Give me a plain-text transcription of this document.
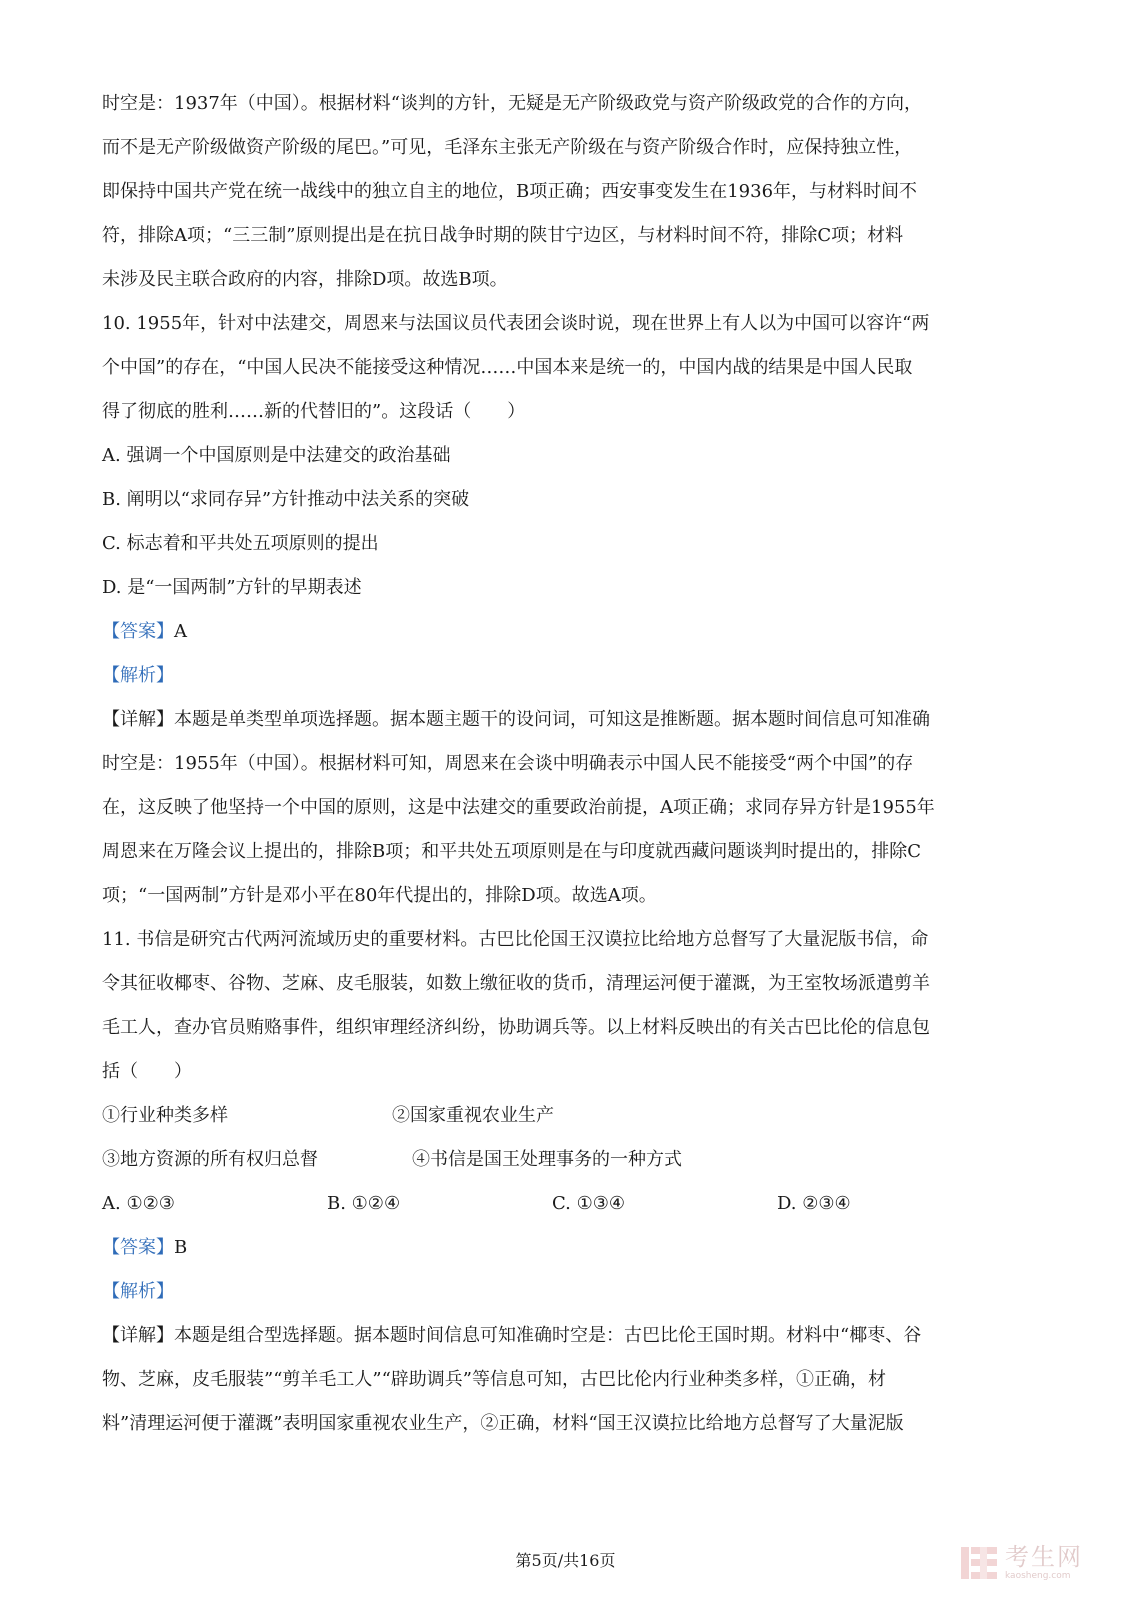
时空是：1937年（中国）。根据材料“谈判的方针，无疑是无产阶级政党与资产阶级政党的合作的方向，
而不是无产阶级做资产阶级的尾巴。”可见，毛泽东主张无产阶级在与资产阶级合作时，应保持独立性，
即保持中国共产党在统一战线中的独立自主的地位，B项正确；西安事变发生在1936年，与材料时间不
符，排除A项；“三三制”原则提出是在抗日战争时期的陕甘宁边区，与材料时间不符，排除C项；材料
未涉及民主联合政府的内容，排除D项。故选B项。
10. 1955年，针对中法建交，周恩来与法国议员代表团会谈时说，现在世界上有人以为中国可以容许“两
个中国”的存在，“中国人民决不能接受这种情况……中国本来是统一的，中国内战的结果是中国人民取
得了彻底的胜利……新的代替旧的”。这段话（　　）
A. 强调一个中国原则是中法建交的政治基础
B. 阐明以“求同存异”方针推动中法关系的突破
C. 标志着和平共处五项原则的提出
D. 是“一国两制”方针的早期表述
【答案】A
【解析】
【详解】本题是单类型单项选择题。据本题主题干的设问词，可知这是推断题。据本题时间信息可知准确
时空是：1955年（中国）。根据材料可知，周恩来在会谈中明确表示中国人民不能接受“两个中国”的存
在，这反映了他坚持一个中国的原则，这是中法建交的重要政治前提，A项正确；求同存异方针是1955年
周恩来在万隆会议上提出的，排除B项；和平共处五项原则是在与印度就西藏问题谈判时提出的，排除C
项；“一国两制”方针是邓小平在80年代提出的，排除D项。故选A项。
11. 书信是研究古代两河流域历史的重要材料。古巴比伦国王汉谟拉比给地方总督写了大量泥版书信，命
令其征收椰枣、谷物、芝麻、皮毛服装，如数上缴征收的货币，清理运河便于灌溉，为王室牧场派遣剪羊
毛工人，查办官员贿赂事件，组织审理经济纠纷，协助调兵等。以上材料反映出的有关古巴比伦的信息包
括（　　）
①行业种类多样	②国家重视农业生产
③地方资源的所有权归总督	④书信是国王处理事务的一种方式
A. ①②③	B. ①②④	C. ①③④	D. ②③④
【答案】B
【解析】
【详解】本题是组合型选择题。据本题时间信息可知准确时空是：古巴比伦王国时期。材料中“椰枣、谷
物、芝麻，皮毛服装”“剪羊毛工人”“辟助调兵”等信息可知，古巴比伦内行业种类多样，①正确，材
料”清理运河便于灌溉”表明国家重视农业生产，②正确，材料“国王汉谟拉比给地方总督写了大量泥版
第5页/共16页	考生网
kaosheng.com
